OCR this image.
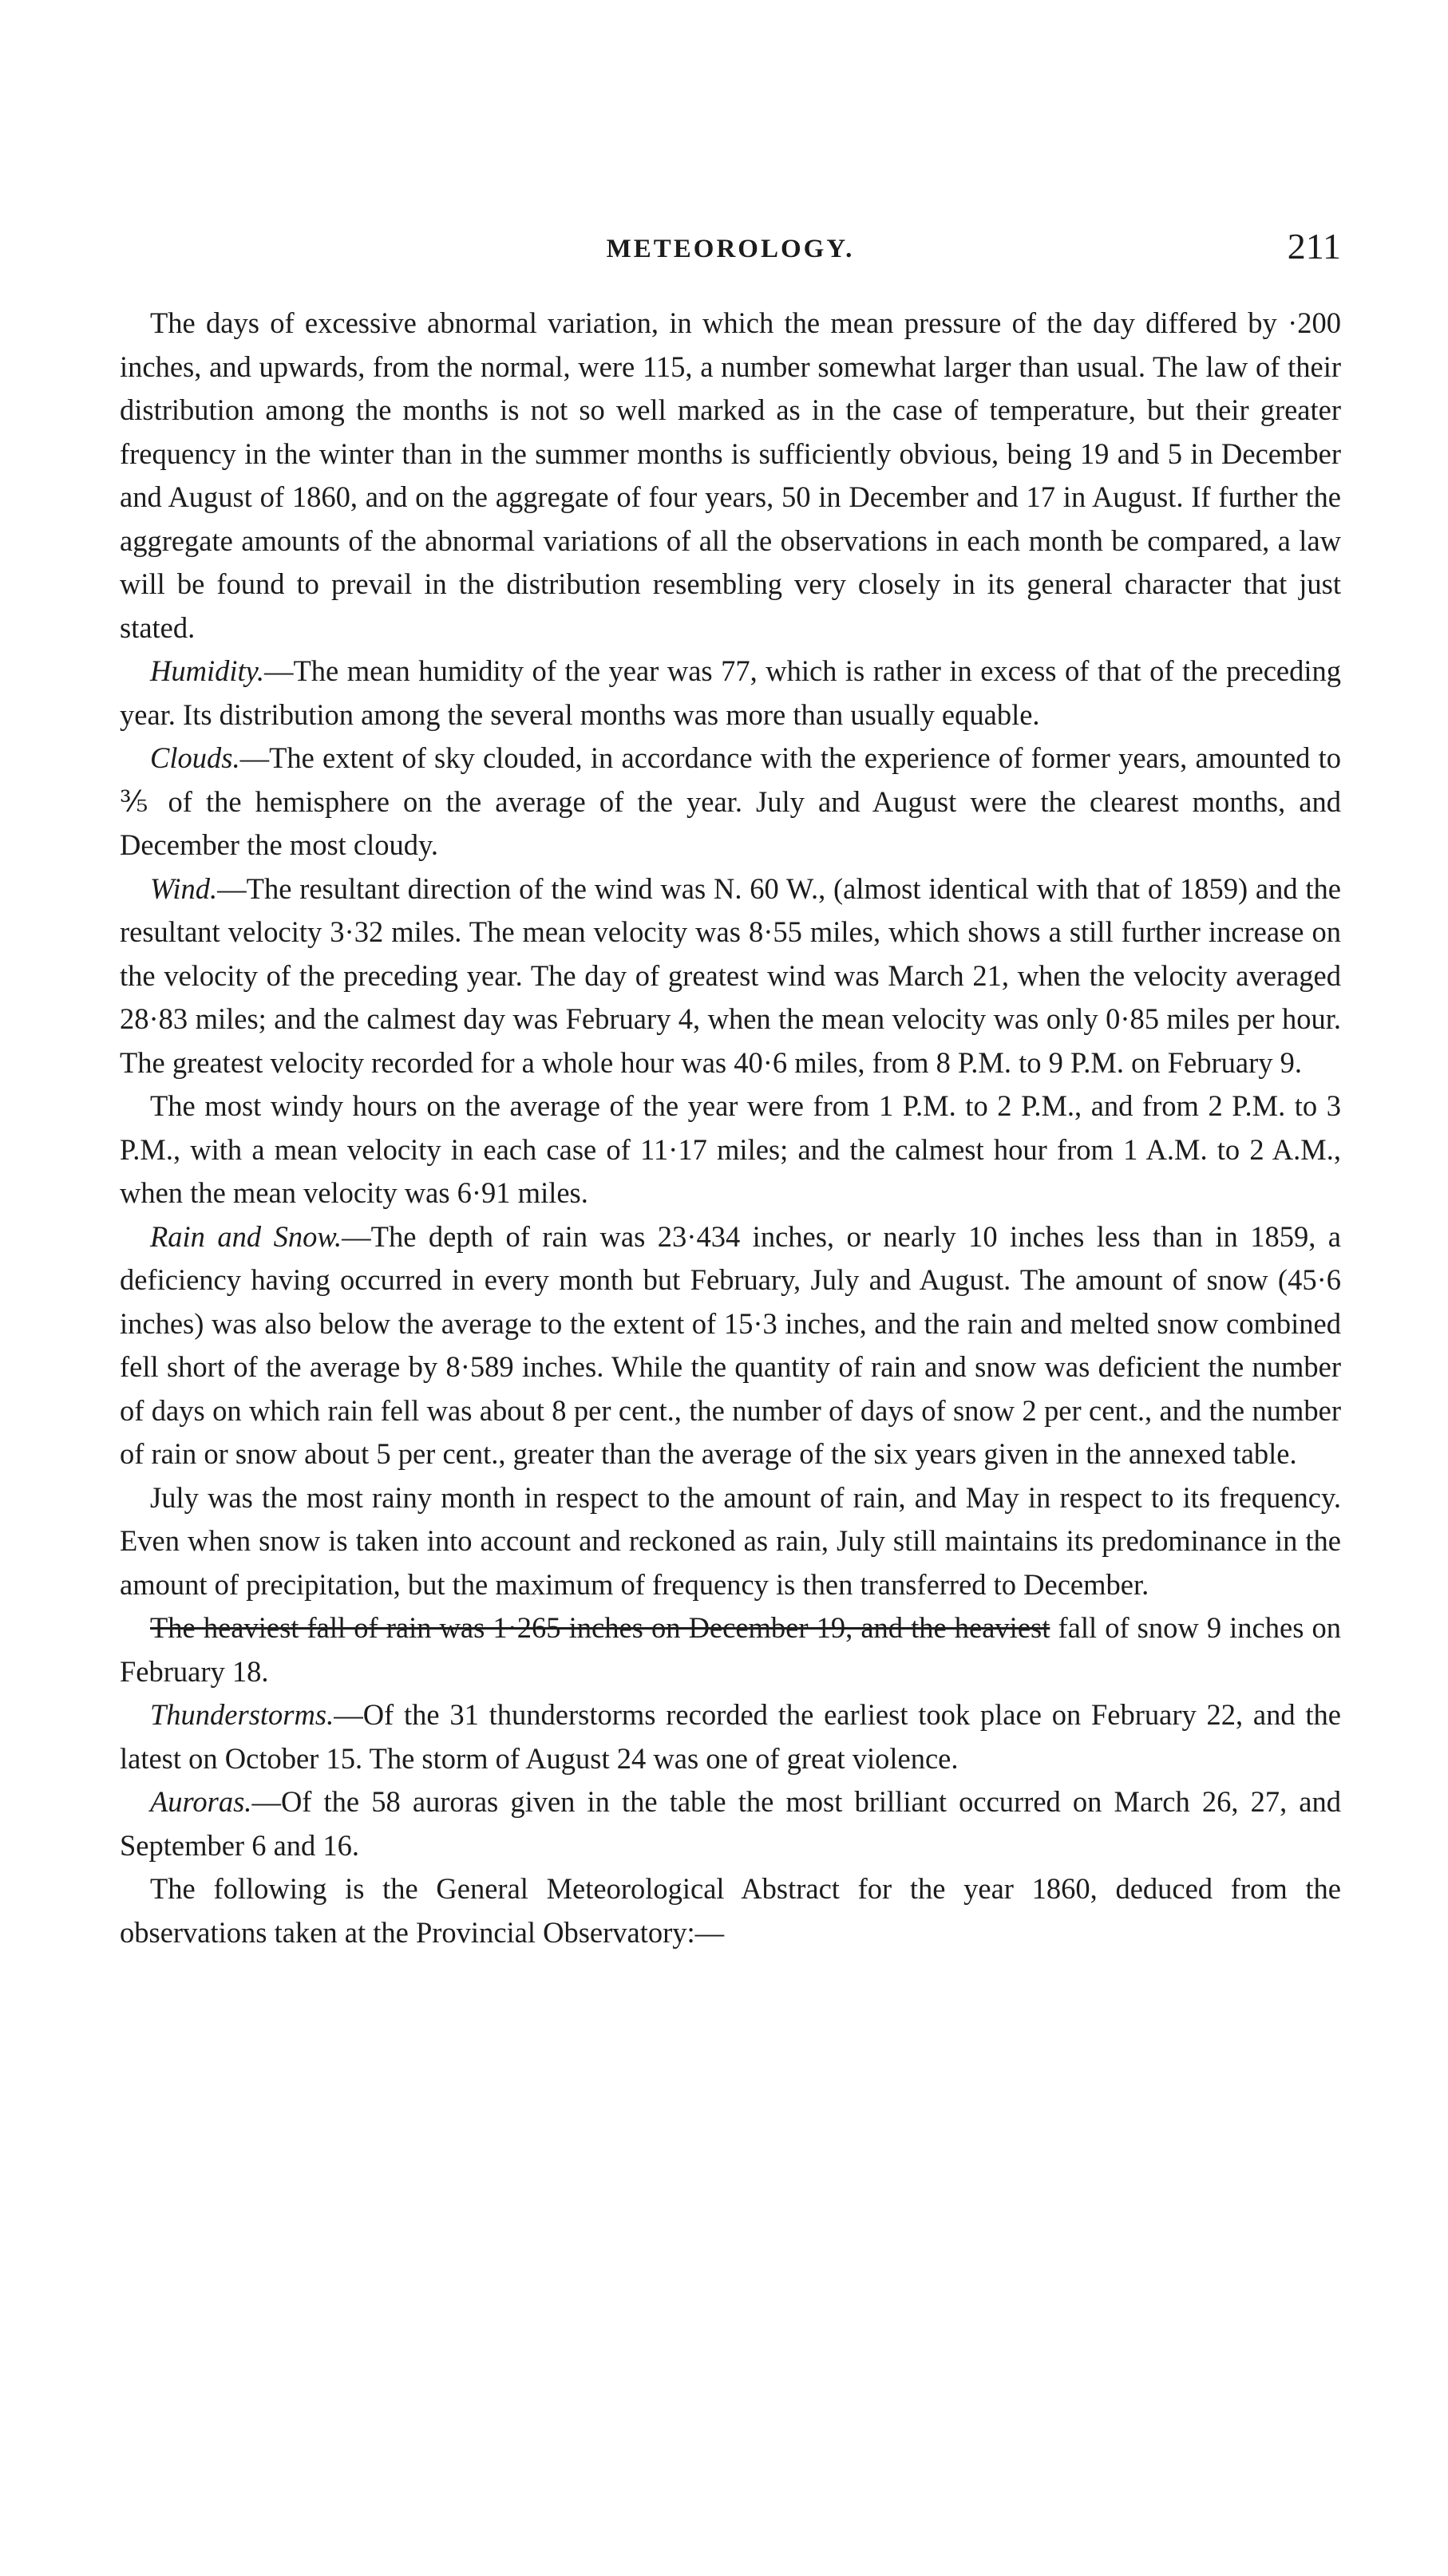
METEOROLOGY.	211

The days of excessive abnormal variation, in which the mean pressure of the day differed by ·200 inches, and upwards, from the normal, were 115, a number somewhat larger than usual. The law of their distribution among the months is not so well marked as in the case of temperature, but their greater frequency in the winter than in the summer months is sufficiently obvious, being 19 and 5 in December and August of 1860, and on the aggregate of four years, 50 in December and 17 in August. If further the aggregate amounts of the abnormal variations of all the observations in each month be compared, a law will be found to prevail in the distribution resembling very closely in its general character that just stated.

Humidity.—The mean humidity of the year was 77, which is rather in excess of that of the preceding year. Its distribution among the several months was more than usually equable.

Clouds.—The extent of sky clouded, in accordance with the experience of former years, amounted to ⅗ of the hemisphere on the average of the year. July and August were the clearest months, and December the most cloudy.

Wind.—The resultant direction of the wind was N. 60 W., (almost identical with that of 1859) and the resultant velocity 3·32 miles. The mean velocity was 8·55 miles, which shows a still further increase on the velocity of the preceding year. The day of greatest wind was March 21, when the velocity averaged 28·83 miles; and the calmest day was February 4, when the mean velocity was only 0·85 miles per hour. The greatest velocity recorded for a whole hour was 40·6 miles, from 8 P.M. to 9 P.M. on February 9.

The most windy hours on the average of the year were from 1 P.M. to 2 P.M., and from 2 P.M. to 3 P.M., with a mean velocity in each case of 11·17 miles; and the calmest hour from 1 A.M. to 2 A.M., when the mean velocity was 6·91 miles.

Rain and Snow.—The depth of rain was 23·434 inches, or nearly 10 inches less than in 1859, a deficiency having occurred in every month but February, July and August. The amount of snow (45·6 inches) was also below the average to the extent of 15·3 inches, and the rain and melted snow combined fell short of the average by 8·589 inches. While the quantity of rain and snow was deficient the number of days on which rain fell was about 8 per cent., the number of days of snow 2 per cent., and the number of rain or snow about 5 per cent., greater than the average of the six years given in the annexed table.

July was the most rainy month in respect to the amount of rain, and May in respect to its frequency. Even when snow is taken into account and reckoned as rain, July still maintains its predominance in the amount of precipitation, but the maximum of frequency is then transferred to December.

The heaviest fall of rain was 1·265 inches on December 19, and the heaviest fall of snow 9 inches on February 18.

Thunderstorms.—Of the 31 thunderstorms recorded the earliest took place on February 22, and the latest on October 15. The storm of August 24 was one of great violence.

Auroras.—Of the 58 auroras given in the table the most brilliant occurred on March 26, 27, and September 6 and 16.

The following is the General Meteorological Abstract for the year 1860, deduced from the observations taken at the Provincial Observatory:—
